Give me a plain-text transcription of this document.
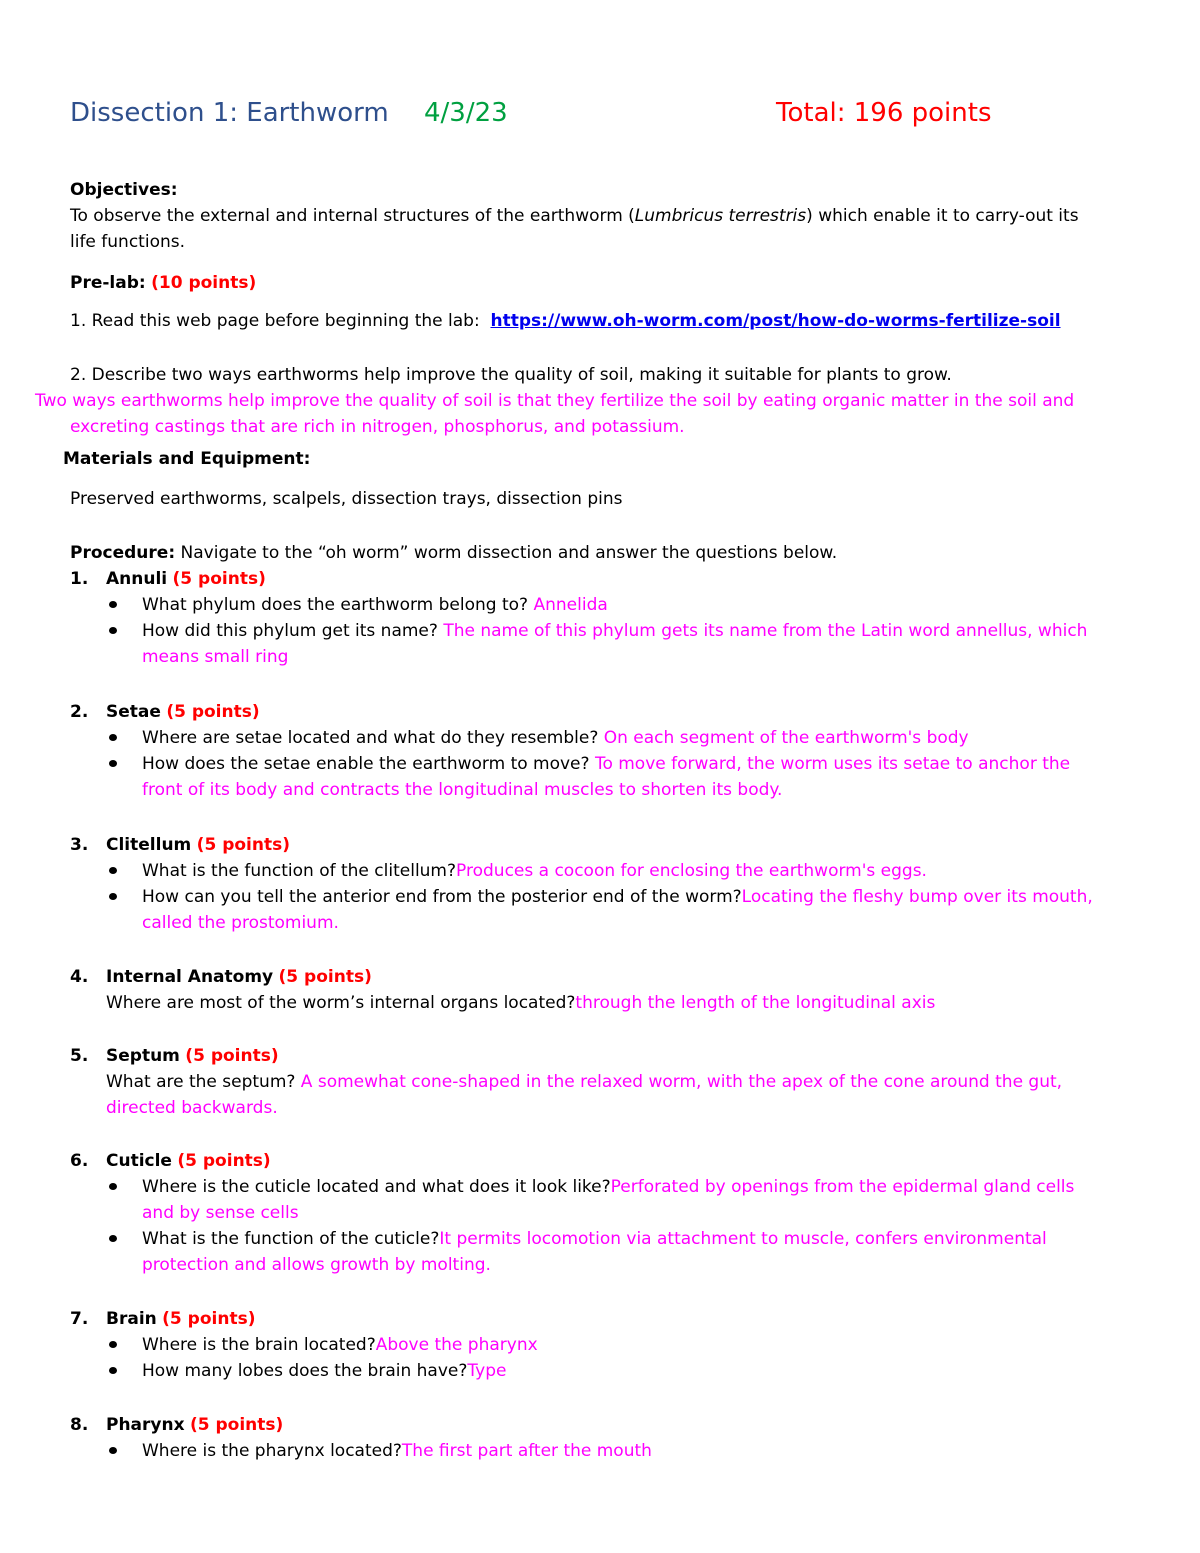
Dissection 1: Earthworm 4/3/23	Total: 196 points
Objectives:
To observe the external and internal structures of the earthworm (Lumbricus terrestris) which enable it to carry-out its
life functions.
Pre-lab: (10 points)
1. Read this web page before beginning the lab: https://www.oh-worm.com/post/how-do-worms-fertilize-soil
2. Describe two ways earthworms help improve the quality of soil, making it suitable for plants to grow.
Two ways earthworms help improve the quality of soil is that they fertilize the soil by eating organic matter in the soil and
excreting castings that are rich in nitrogen, phosphorus, and potassium.
Materials and Equipment:
Preserved earthworms, scalpels, dissection trays, dissection pins
Procedure: Navigate to the “oh worm” worm dissection and answer the questions below.
1.	Annuli (5 points)
What phylum does the earthworm belong to? Annelida
How did this phylum get its name? The name of this phylum gets its name from the Latin word annellus, which
means small ring
2.	Setae (5 points)
Where are setae located and what do they resemble? On each segment of the earthworm's body
How does the setae enable the earthworm to move? To move forward, the worm uses its setae to anchor the
front of its body and contracts the longitudinal muscles to shorten its body.
3.	Clitellum (5 points)
What is the function of the clitellum?Produces a cocoon for enclosing the earthworm's eggs.
How can you tell the anterior end from the posterior end of the worm?Locating the fleshy bump over its mouth,
called the prostomium.
4.	Internal Anatomy (5 points)
Where are most of the worm’s internal organs located?through the length of the longitudinal axis
5.	Septum (5 points)
What are the septum? A somewhat cone-shaped in the relaxed worm, with the apex of the cone around the gut,
directed backwards.
6.	Cuticle (5 points)
Where is the cuticle located and what does it look like?Perforated by openings from the epidermal gland cells
and by sense cells
What is the function of the cuticle?It permits locomotion via attachment to muscle, confers environmental
protection and allows growth by molting.
7.	Brain (5 points)
Where is the brain located?Above the pharynx
How many lobes does the brain have?Type
8.	Pharynx (5 points)
Where is the pharynx located?The first part after the mouth
